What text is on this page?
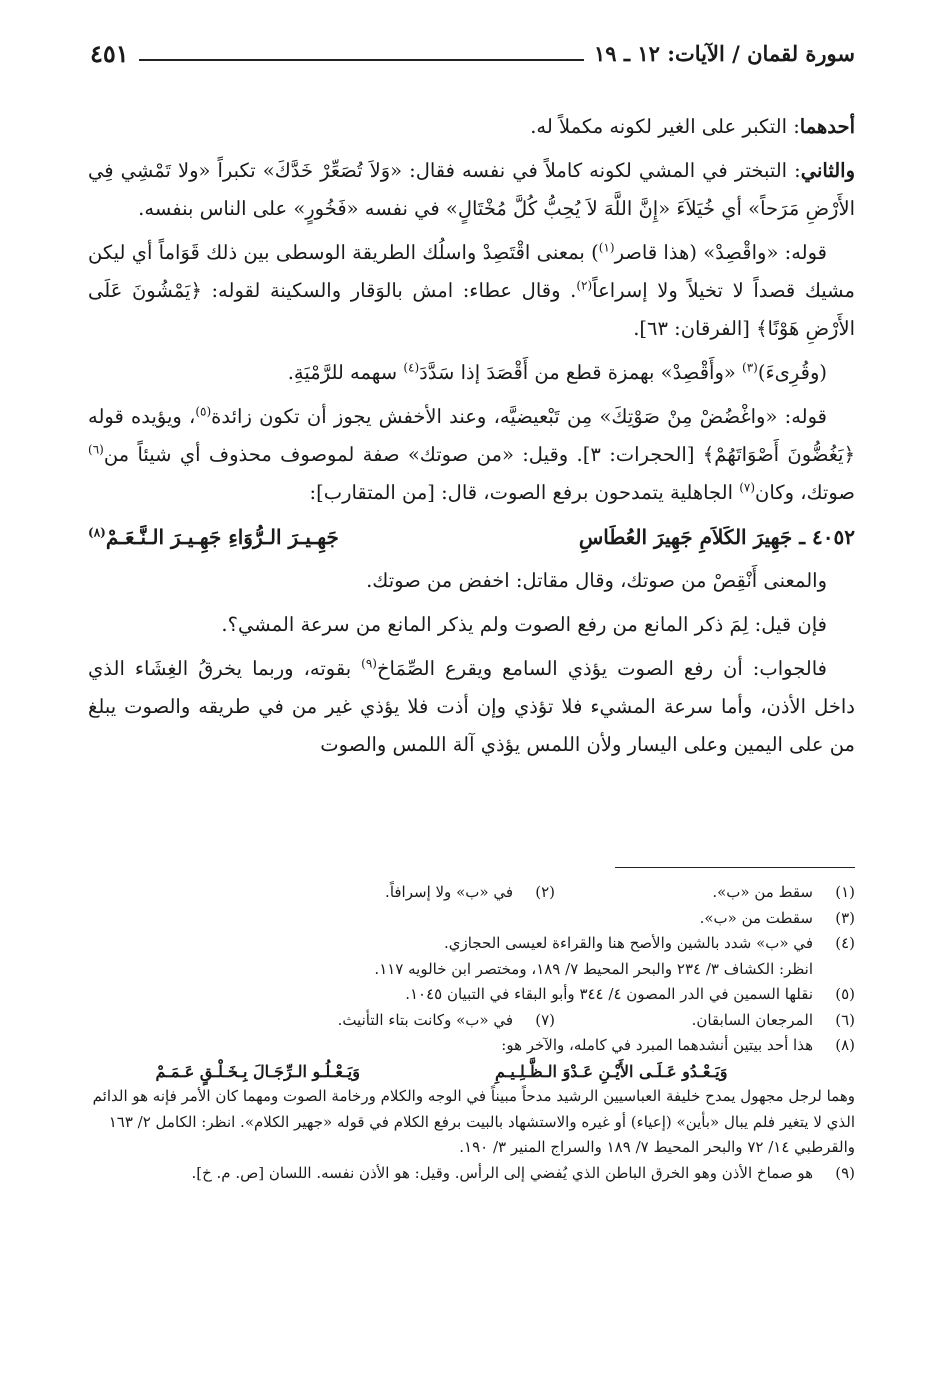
سورة لقمان / الآيات: ١٢ ـ ١٩
٤٥١

أحدهما: التكبر على الغير لكونه مكملاً له.

والثاني: التبختر في المشي لكونه كاملاً في نفسه فقال: «وَلاَ تُصَعِّرْ خَدَّكَ» تكبراً «ولا تَمْشِي فِي الأَرْضِ مَرَحاً» أي خُيَلاَءَ «إِنَّ اللَّهَ لاَ يُحِبُّ كُلَّ مُخْتَالٍ» في نفسه «فَخُورٍ» على الناس بنفسه.

قوله: «واقْصِدْ» (هذا قاصر$^{(١)}$) بمعنى اقْتَصِدْ واسلُك الطريقة الوسطى بين ذلك قَوَاماً أي ليكن مشيك قصداً لا تخيلاً ولا إسراعاً$^{(٢)}$. وقال عطاء: امش بالوَقار والسكينة لقوله: ﴿يَمْشُونَ عَلَى الأَرْضِ هَوْنًا﴾ [الفرقان: ٦٣].

(وقُرِىءَ)$^{(٣)}$ «وأَقْصِدْ» بهمزة قطع من أَقْصَدَ إذا سَدَّدَ$^{(٤)}$ سهمه للرَّمْيَةِ.

قوله: «واغْضُضْ مِنْ صَوْتِكَ» مِن تَبْعيضيَّه، وعند الأخفش يجوز أن تكون زائدة$^{(٥)}$، ويؤيده قوله ﴿يَغُضُّونَ أَصْوَاتَهُمْ﴾ [الحجرات: ٣]. وقيل: «من صوتك» صفة لموصوف محذوف أي شيئاً من$^{(٦)}$ صوتك، وكان$^{(٧)}$ الجاهلية يتمدحون برفع الصوت، قال: [من المتقارب]:

٤٠٥٢ ـ جَهِيرَ الكَلاَمِ جَهِيرَ العُطَاسِ
جَهِـيـرَ الـرُّوَاءِ جَهِـيـرَ الـنَّـعَـمْ$^{(٨)}$

والمعنى أَنْقِصْ من صوتك، وقال مقاتل: اخفض من صوتك.

فإن قيل: لِمَ ذكر المانع من رفع الصوت ولم يذكر المانع من سرعة المشي؟.

فالجواب: أن رفع الصوت يؤذي السامع ويقرع الصِّمَاخ$^{(٩)}$ بقوته، وربما يخرقُ الغِشَاء الذي داخل الأذن، وأما سرعة المشيء فلا تؤذي وإن أذت فلا يؤذي غير من في طريقه والصوت يبلغ من على اليمين وعلى اليسار ولأن اللمس يؤذي آلة اللمس والصوت

(١)
سقط من «ب».
(٢)
في «ب» ولا إسرافاً.
(٣)
سقطت من «ب».
(٤)
في «ب» شدد بالشين والأصح هنا والقراءة لعيسى الحجازي.
انظر: الكشاف ٣/ ٢٣٤ والبحر المحيط ٧/ ١٨٩، ومختصر ابن خالويه ١١٧.
(٥)
نقلها السمين في الدر المصون ٤/ ٣٤٤ وأبو البقاء في التبيان ١٠٤٥.
(٦)
المرجعان السابقان.
(٧)
في «ب» وكانت بتاء التأنيث.
(٨)
هذا أحد بيتين أنشدهما المبرد في كامله، والآخر هو:
وَيَـعْـدُو عَـلَـى الأَيْـنِ عَـدْوَ الـظَّـلِـيـمِ
وَيَـعْـلُـو الـرِّجَـالَ بِـخَـلْـقٍ عَـمَـمْ
وهما لرجل مجهول يمدح خليفة العباسيين الرشيد مدحاً مبيناً في الوجه والكلام ورخامة الصوت ومهما كان الأمر فإنه هو الدائم الذي لا يتغير فلم يبال «بأين» (إعياء) أو غيره والاستشهاد بالبيت برفع الكلام في قوله «جهير الكلام». انظر: الكامل ٢/ ١٦٣ والقرطبي ١٤/ ٧٢ والبحر المحيط ٧/ ١٨٩ والسراج المنير ٣/ ١٩٠.
(٩)
هو صماخ الأذن وهو الخرق الباطن الذي يُفضي إلى الرأس. وقيل: هو الأذن نفسه. اللسان [ص. م. خ].
